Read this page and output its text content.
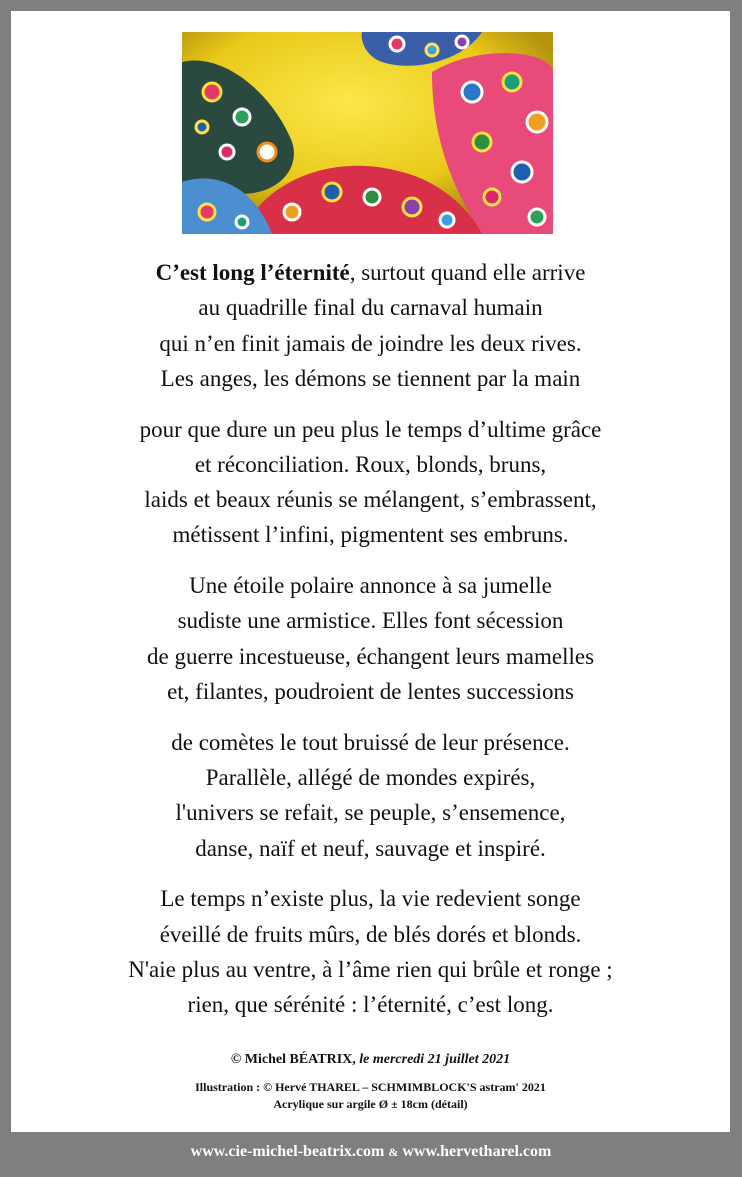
C’est long l’éternité, surtout quand elle arrive
au quadrille final du carnaval humain
qui n’en finit jamais de joindre les deux rives.
Les anges, les démons se tiennent par la main
pour que dure un peu plus le temps d’ultime grâce
et réconciliation. Roux, blonds, bruns,
laids et beaux réunis se mélangent, s’embrassent,
métissent l’infini, pigmentent ses embruns.
Une étoile polaire annonce à sa jumelle
sudiste une armistice. Elles font sécession
de guerre incestueuse, échangent leurs mamelles
et, filantes, poudroient de lentes successions
de comètes le tout bruissé de leur présence.
Parallèle, allégé de mondes expirés,
l'univers se refait, se peuple, s’ensemence,
danse, naïf et neuf, sauvage et inspiré.
Le temps n’existe plus, la vie redevient songe
éveillé de fruits mûrs, de blés dorés et blonds.
N'aie plus au ventre, à l’âme rien qui brûle et ronge ;
rien, que sérénité : l’éternité, c’est long.
© Michel BÉATRIX, le mercredi 21 juillet 2021
Illustration : © Hervé THAREL – SCHMIMBLOCK'S astram' 2021
Acrylique sur argile Ø ± 18cm (détail)
www.cie-michel-beatrix.com & www.hervetharel.com
